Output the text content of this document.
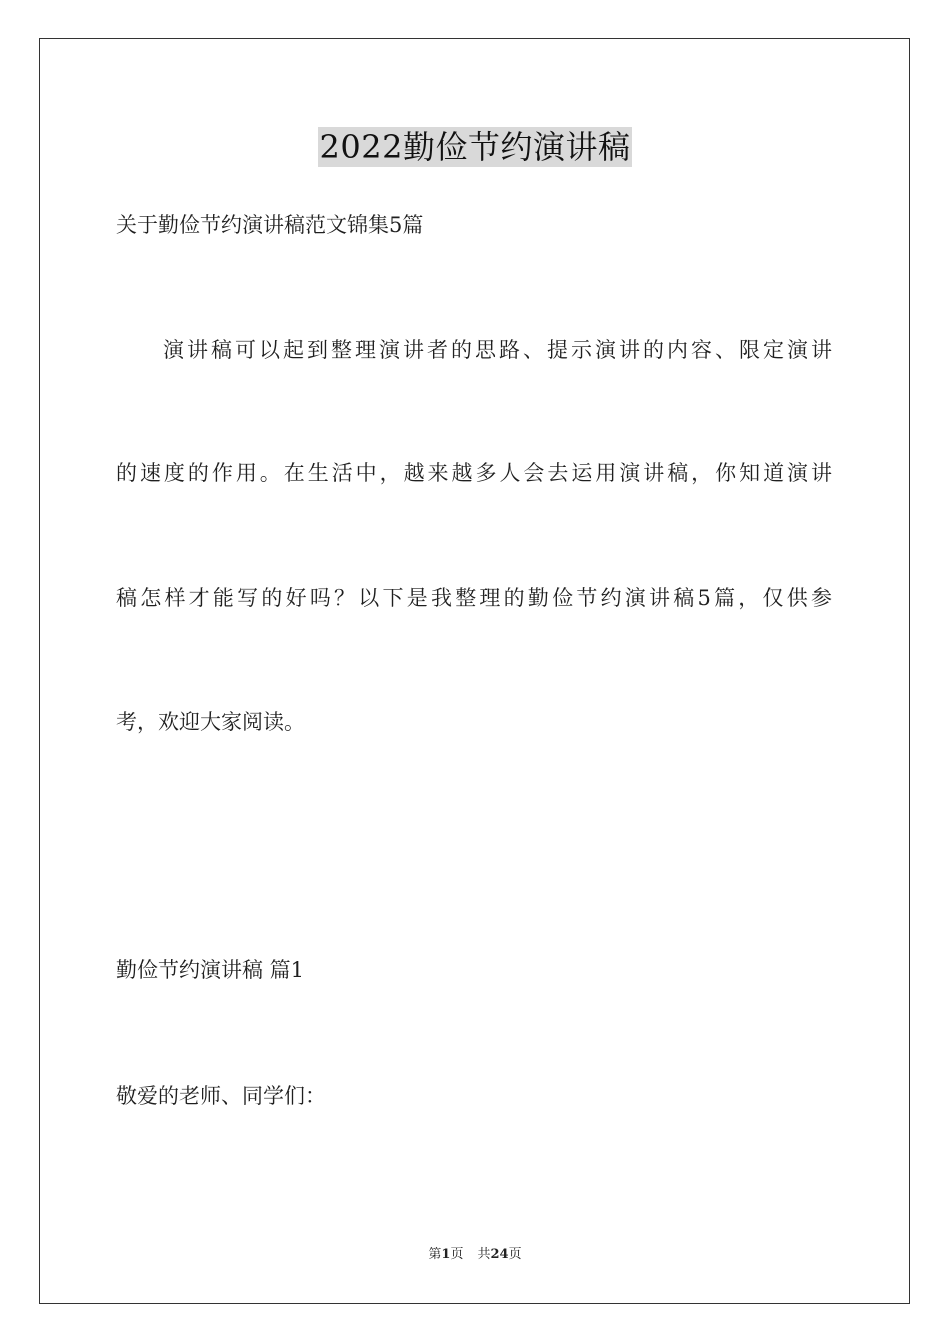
2022勤俭节约演讲稿
关于勤俭节约演讲稿范文锦集5篇
演讲稿可以起到整理演讲者的思路、提示演讲的内容、限定演讲
的速度的作用。在生活中，越来越多人会去运用演讲稿，你知道演讲
稿怎样才能写的好吗？以下是我整理的勤俭节约演讲稿5篇，仅供参
考，欢迎大家阅读。
勤俭节约演讲稿 篇1
敬爱的老师、同学们：
第1页 共24页
